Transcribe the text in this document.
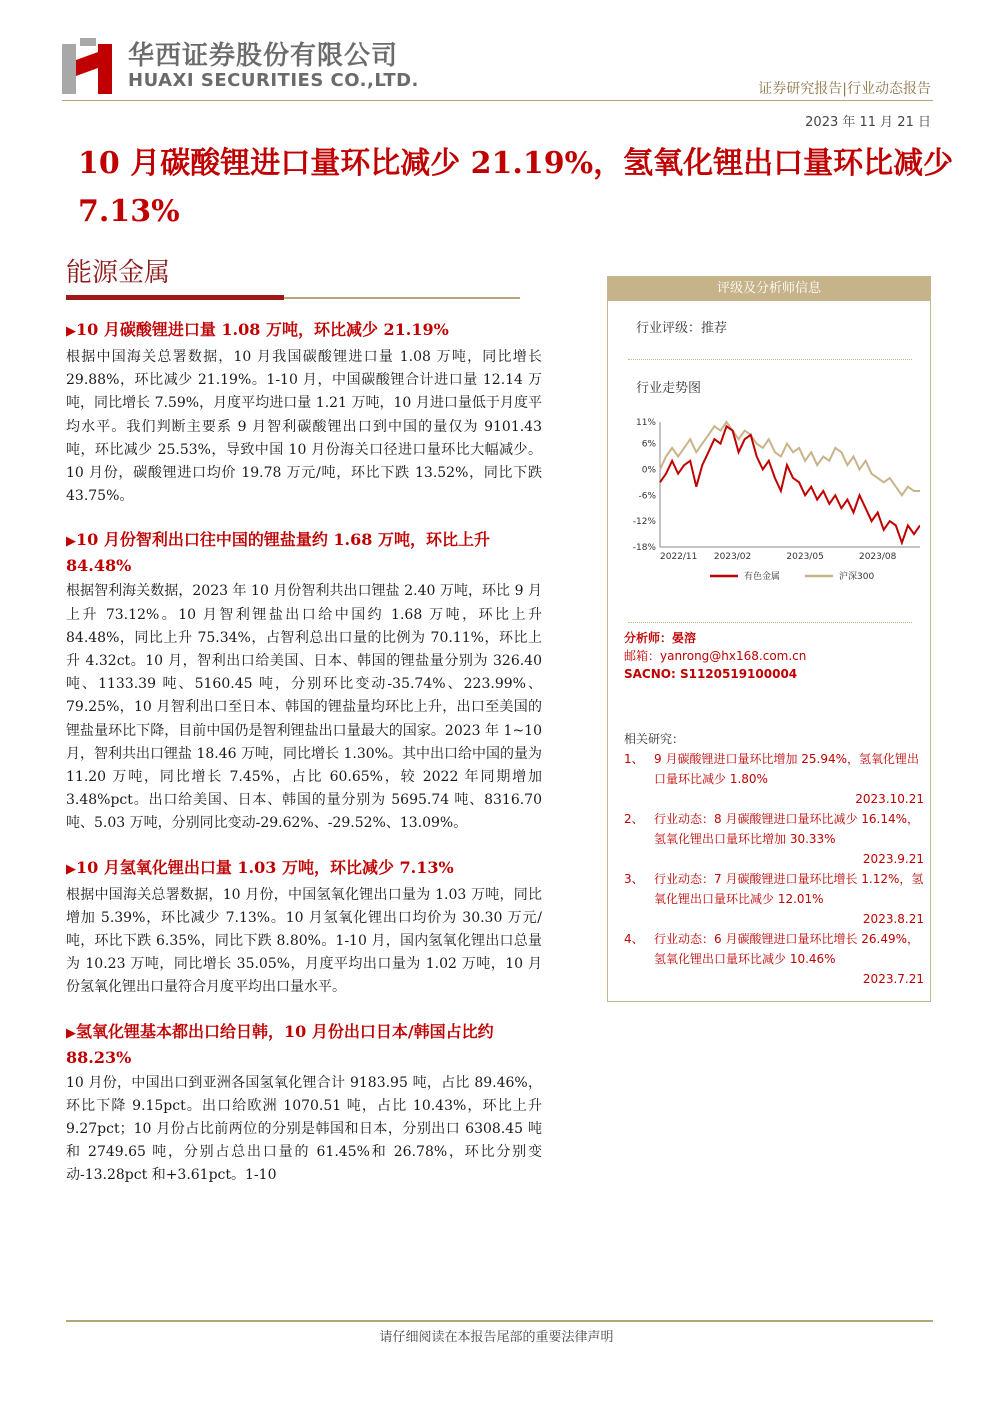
华西证券股份有限公司
HUAXI SECURITIES CO.,LTD.	证券研究报告|行业动态报告
2023 年 11 月 21 日
10 月碳酸锂进口量环比减少 21.19%，氢氧化锂出口量环比减少 7.13%
能源金属
▶10 月碳酸锂进口量 1.08 万吨，环比减少 21.19%

根据中国海关总署数据，10 月我国碳酸锂进口量 1.08 万吨，同比增长 29.88%，环比减少 21.19%。1-10 月，中国碳酸锂合计进口量 12.14 万吨，同比增长 7.59%，月度平均进口量 1.21 万吨，10 月进口量低于月度平均水平。我们判断主要系 9 月智利碳酸锂出口到中国的量仅为 9101.43 吨，环比减少 25.53%，导致中国 10 月份海关口径进口量环比大幅减少。10 月份，碳酸锂进口均价 19.78 万元/吨，环比下跌 13.52%，同比下跌 43.75%。

▶10 月份智利出口往中国的锂盐量约 1.68 万吨，环比上升 84.48%

根据智利海关数据，2023 年 10 月份智利共出口锂盐 2.40 万吨，环比 9 月上升 73.12%。10 月智利锂盐出口给中国约 1.68 万吨，环比上升 84.48%，同比上升 75.34%，占智利总出口量的比例为 70.11%，环比上升 4.32ct。10 月，智利出口给美国、日本、韩国的锂盐量分别为 326.40 吨、1133.39 吨、5160.45 吨，分别环比变动-35.74%、223.99%、79.25%，10 月智利出口至日本、韩国的锂盐量均环比上升，出口至美国的锂盐量环比下降，目前中国仍是智利锂盐出口量最大的国家。2023 年 1~10 月，智利共出口锂盐 18.46 万吨，同比增长 1.30%。其中出口给中国的量为 11.20 万吨，同比增长 7.45%，占比 60.65%，较 2022 年同期增加 3.48%pct。出口给美国、日本、韩国的量分别为 5695.74 吨、8316.70 吨、5.03 万吨，分别同比变动-29.62%、-29.52%、13.09%。

▶10 月氢氧化锂出口量 1.03 万吨，环比减少 7.13%

根据中国海关总署数据，10 月份，中国氢氧化锂出口量为 1.03 万吨，同比增加 5.39%，环比减少 7.13%。10 月氢氧化锂出口均价为 30.30 万元/吨，环比下跌 6.35%，同比下跌 8.80%。1-10 月，国内氢氧化锂出口总量为 10.23 万吨，同比增长 35.05%，月度平均出口量为 1.02 万吨，10 月份氢氧化锂出口量符合月度平均出口量水平。

▶氢氧化锂基本都出口给日韩，10 月份出口日本/韩国占比约 88.23%

10 月份，中国出口到亚洲各国氢氧化锂合计 9183.95 吨，占比 89.46%，环比下降 9.15pct。出口给欧洲 1070.51 吨，占比 10.43%，环比上升 9.27pct；10 月份占比前两位的分别是韩国和日本，分别出口 6308.45 吨和 2749.65 吨，分别占总出口量的 61.45%和 26.78%，环比分别变动-13.28pct 和+3.61pct。1-10

评级及分析师信息
行业评级：推荐
行业走势图
11%
6%
0%
-6%
-12%
-18%
2022/11 2023/02	2023/05	2023/08
有色金属	沪深300
分析师：晏溶
邮箱：yanrong@hx168.com.cn
SACNO: S1120519100004
相关研究：
1、 9 月碳酸锂进口量环比增加 25.94%，氢氧化锂出口量环比减少 1.80%
2023.10.21
2、 行业动态：8 月碳酸锂进口量环比减少 16.14%，氢氧化锂出口量环比增加 30.33%
2023.9.21
3、 行业动态：7 月碳酸锂进口量环比增长 1.12%，氢氧化锂出口量环比减少 12.01%
2023.8.21
4、 行业动态：6 月碳酸锂进口量环比增长 26.49%，氢氧化锂出口量环比减少 10.46%
2023.7.21
请仔细阅读在本报告尾部的重要法律声明
